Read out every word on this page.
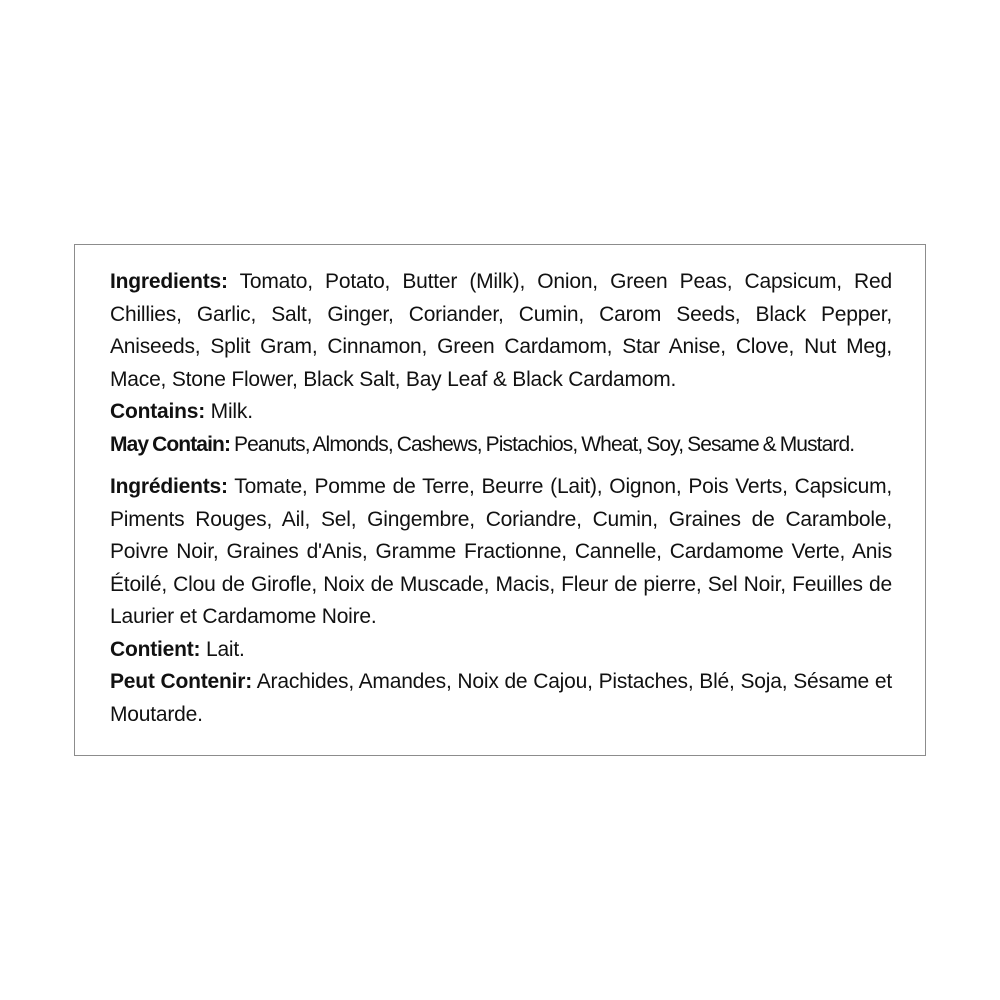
Ingredients: Tomato, Potato, Butter (Milk), Onion, Green Peas, Capsicum, Red Chillies, Garlic, Salt, Ginger, Coriander, Cumin, Carom Seeds, Black Pepper, Aniseeds, Split Gram, Cinnamon, Green Cardamom, Star Anise, Clove, Nut Meg, Mace, Stone Flower, Black Salt, Bay Leaf & Black Cardamom.

Contains: Milk.

May Contain: Peanuts, Almonds, Cashews, Pistachios, Wheat, Soy, Sesame & Mustard.

Ingrédients: Tomate, Pomme de Terre, Beurre (Lait), Oignon, Pois Verts, Capsicum, Piments Rouges, Ail, Sel, Gingembre, Coriandre, Cumin, Graines de Carambole, Poivre Noir, Graines d'Anis, Gramme Fractionne, Cannelle, Cardamome Verte, Anis Étoilé, Clou de Girofle, Noix de Muscade, Macis, Fleur de pierre, Sel Noir, Feuilles de Laurier et Cardamome Noire.

Contient: Lait.

Peut Contenir: Arachides, Amandes, Noix de Cajou, Pistaches, Blé, Soja, Sésame et Moutarde.
